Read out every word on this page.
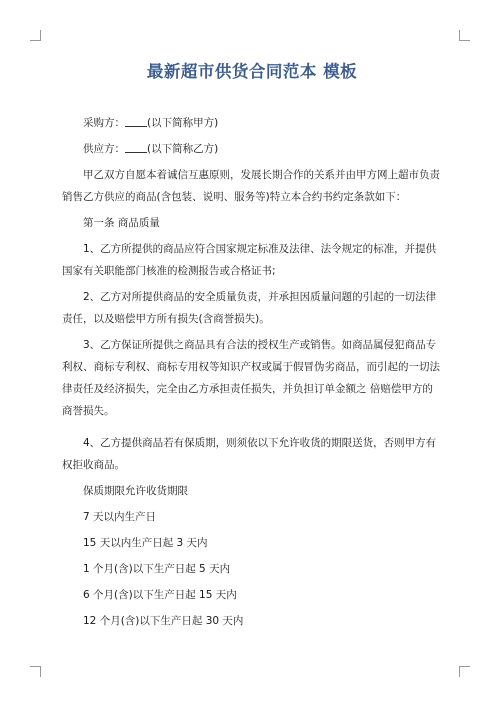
最新超市供货合同范本 模板

采购方： (以下简称甲方)

供应方： (以下简称乙方)

甲乙双方自愿本着诚信互惠原则，发展长期合作的关系并由甲方网上超市负责销售乙方供应的商品(含包装、说明、服务等)特立本合约书约定条款如下：

第一条 商品质量

1、乙方所提供的商品应符合国家规定标准及法律、法令规定的标准，并提供国家有关职能部门核准的检测报告或合格证书;

2、乙方对所提供商品的安全质量负责，并承担因质量问题的引起的一切法律责任，以及赔偿甲方所有损失(含商誉损失)。

3、乙方保证所提供之商品具有合法的授权生产或销售。如商品属侵犯商品专利权、商标专利权、商标专用权等知识产权或属于假冒伪劣商品，而引起的一切法律责任及经济损失，完全由乙方承担责任损失，并负担订单金额之 倍赔偿甲方的商誉损失。

4、乙方提供商品若有保质期，则须依以下允许收货的期限送货，否则甲方有权拒收商品。

保质期限允许收货期限

7 天以内生产日

15 天以内生产日起 3 天内

1 个月(含)以下生产日起 5 天内

6 个月(含)以下生产日起 15 天内

12 个月(含)以下生产日起 30 天内
